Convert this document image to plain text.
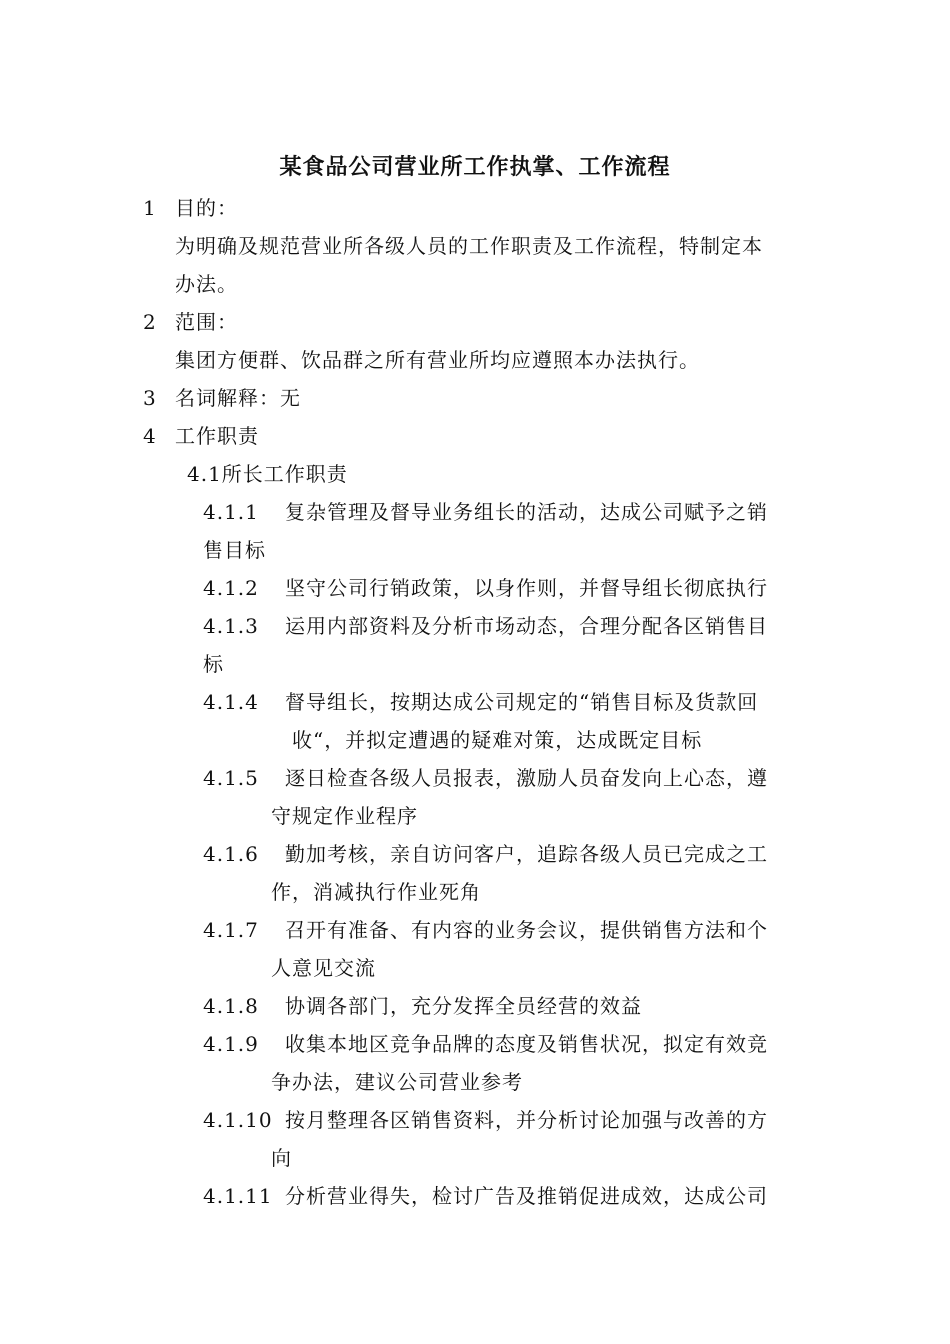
某食品公司营业所工作执掌、工作流程
1 目的：
为明确及规范营业所各级人员的工作职责及工作流程，特制定本
办法。
2 范围：
集团方便群、饮品群之所有营业所均应遵照本办法执行。
3 名词解释：无
4 工作职责
4.1所长工作职责
4.1.1 复杂管理及督导业务组长的活动，达成公司赋予之销
售目标
4.1.2 坚守公司行销政策，以身作则，并督导组长彻底执行
4.1.3 运用内部资料及分析市场动态，合理分配各区销售目
标
4.1.4 督导组长，按期达成公司规定的“销售目标及货款回
收“，并拟定遭遇的疑难对策，达成既定目标
4.1.5 逐日检查各级人员报表，激励人员奋发向上心态，遵
守规定作业程序
4.1.6 勤加考核，亲自访问客户，追踪各级人员已完成之工
作，消减执行作业死角
4.1.7 召开有准备、有内容的业务会议，提供销售方法和个
人意见交流
4.1.8 协调各部门，充分发挥全员经营的效益
4.1.9 收集本地区竞争品牌的态度及销售状况，拟定有效竞
争办法，建议公司营业参考
4.1.10 按月整理各区销售资料，并分析讨论加强与改善的方
向
4.1.11 分析营业得失，检讨广告及推销促进成效，达成公司
